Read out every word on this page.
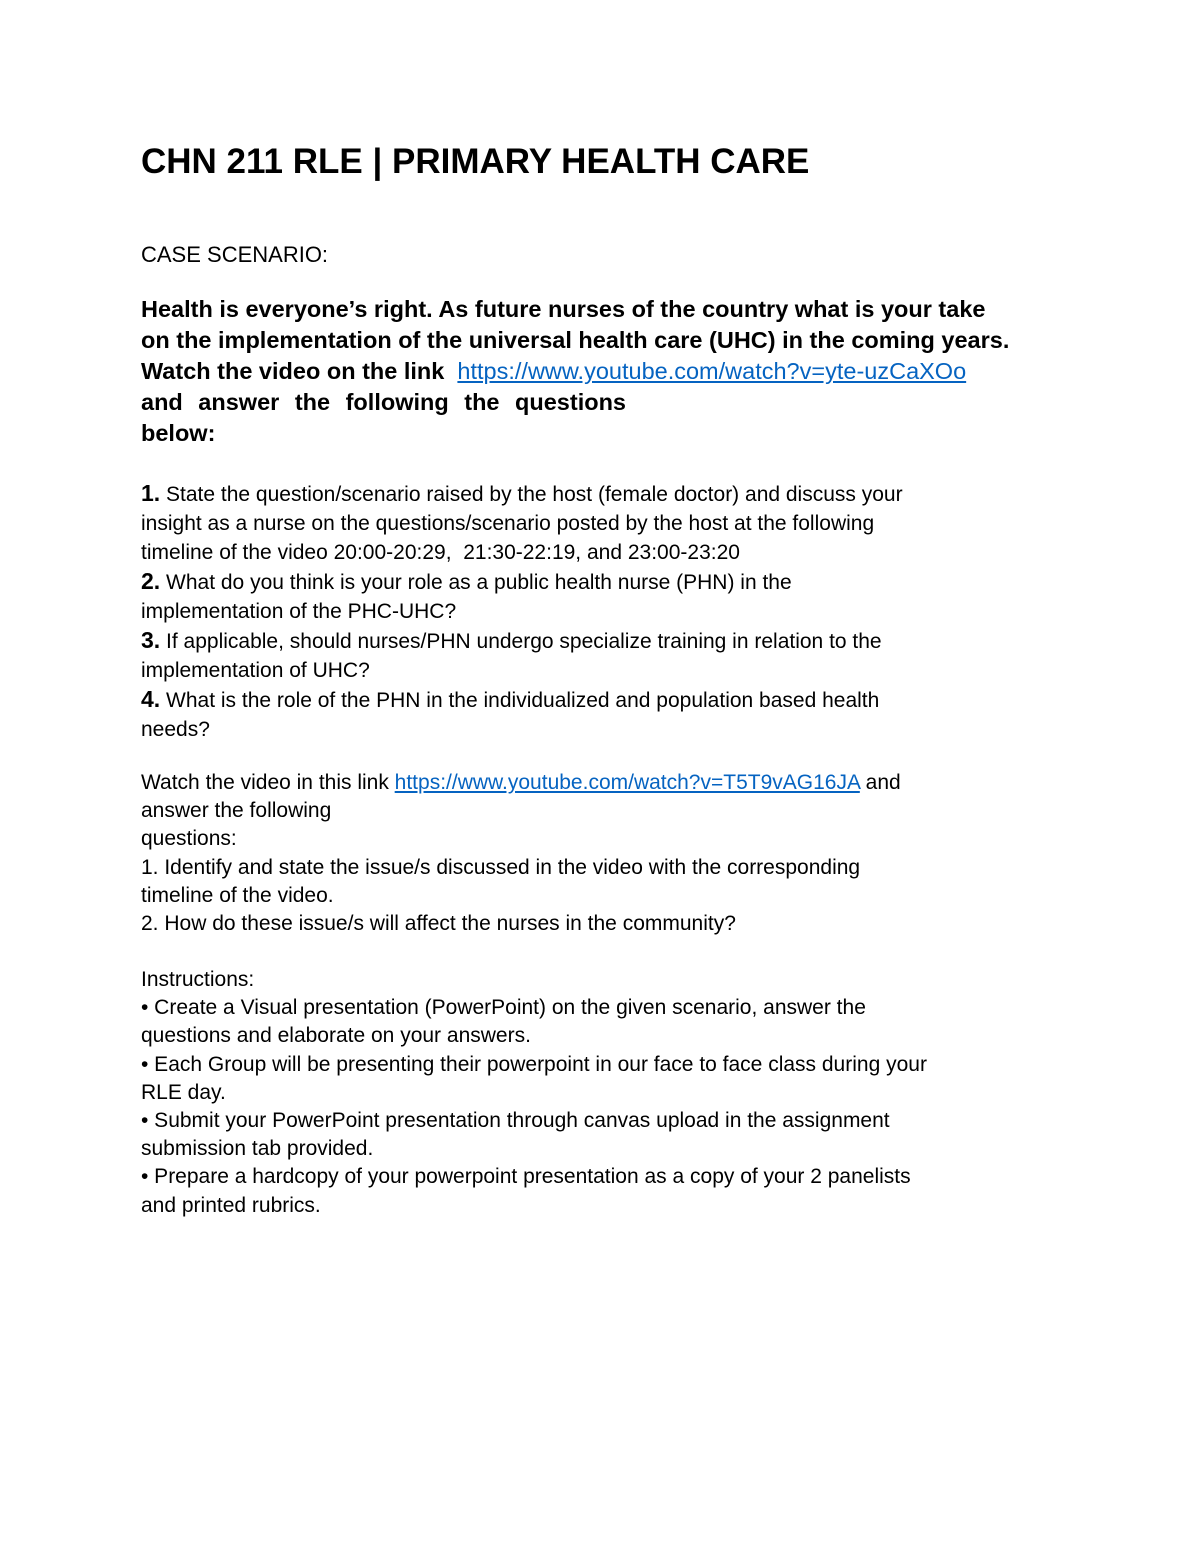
CHN 211 RLE | PRIMARY HEALTH CARE

CASE SCENARIO:

Health is everyone’s right. As future nurses of the country what is your take
on the implementation of the universal health care (UHC) in the coming years.
Watch the video on the link  https://www.youtube.com/watch?v=yte-uzCaXOo
and answer the following the questions
below:
1. State the question/scenario raised by the host (female doctor) and discuss your
insight as a nurse on the questions/scenario posted by the host at the following
timeline of the video 20:00-20:29,  21:30-22:19, and 23:00-23:20
2. What do you think is your role as a public health nurse (PHN) in the
implementation of the PHC-UHC?
3. If applicable, should nurses/PHN undergo specialize training in relation to the
implementation of UHC?
4. What is the role of the PHN in the individualized and population based health
needs?
Watch the video in this link https://www.youtube.com/watch?v=T5T9vAG16JA and
answer the following
questions:
1. Identify and state the issue/s discussed in the video with the corresponding
timeline of the video.
2. How do these issue/s will affect the nurses in the community?
Instructions:
• Create a Visual presentation (PowerPoint) on the given scenario, answer the
questions and elaborate on your answers.
• Each Group will be presenting their powerpoint in our face to face class during your
RLE day.
• Submit your PowerPoint presentation through canvas upload in the assignment
submission tab provided.
• Prepare a hardcopy of your powerpoint presentation as a copy of your 2 panelists
and printed rubrics.
